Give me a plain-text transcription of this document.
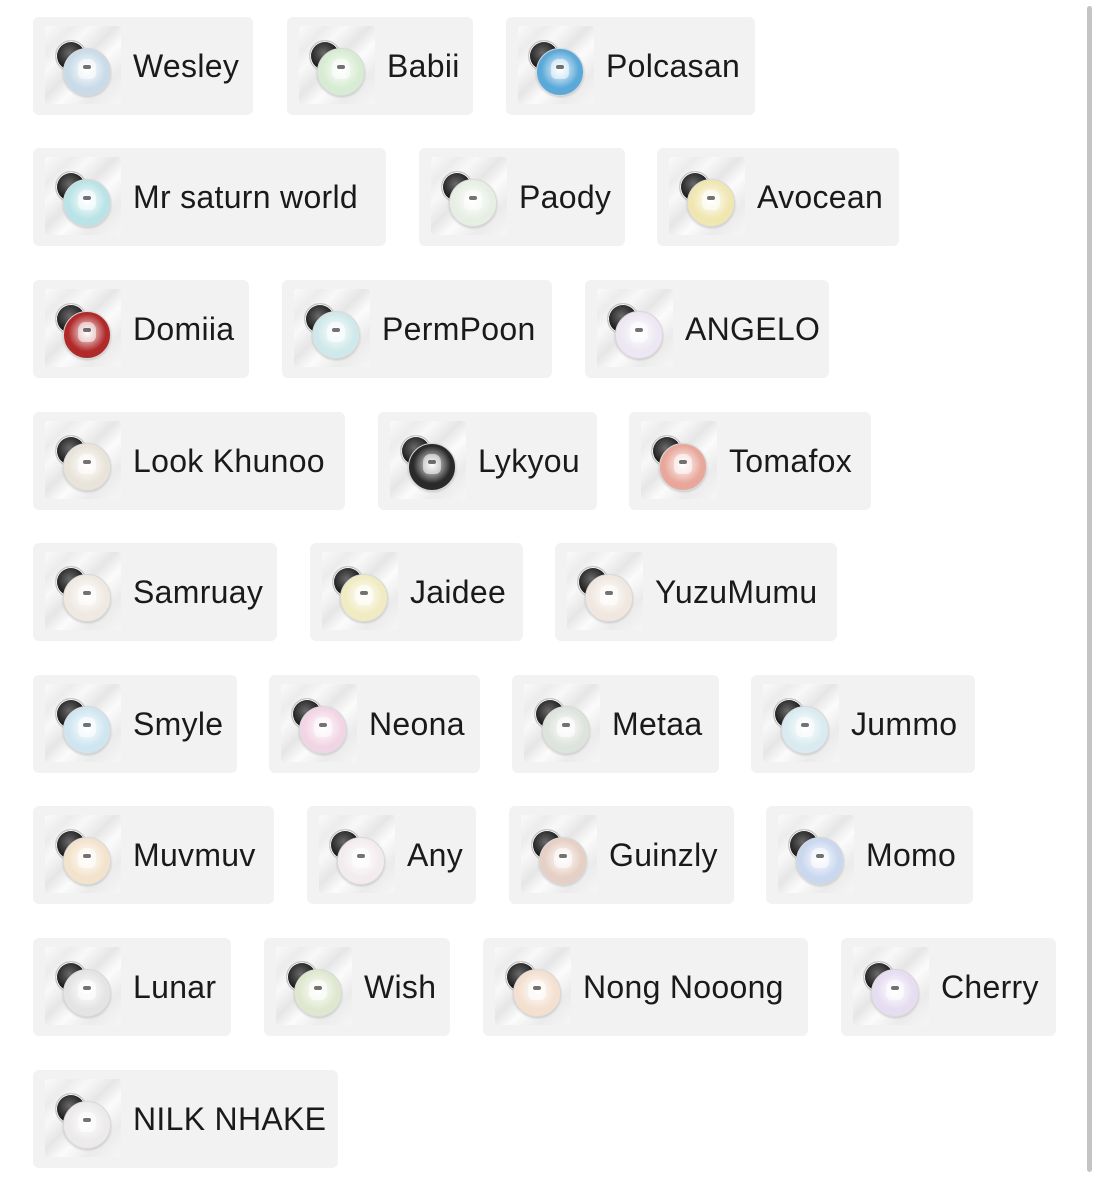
Wesley	Babii	Polcasan
Mr saturn world	Paody	Avocean
Domiia	PermPoon	ANGELO
Look Khunoo	Lykyou	Tomafox
Samruay	Jaidee	YuzuMumu
Smyle	Neona	Metaa	Jummo
Muvmuv	Any	Guinzly	Momo
Lunar	Wish	Nong Nooong	Cherry
NILK NHAKE
